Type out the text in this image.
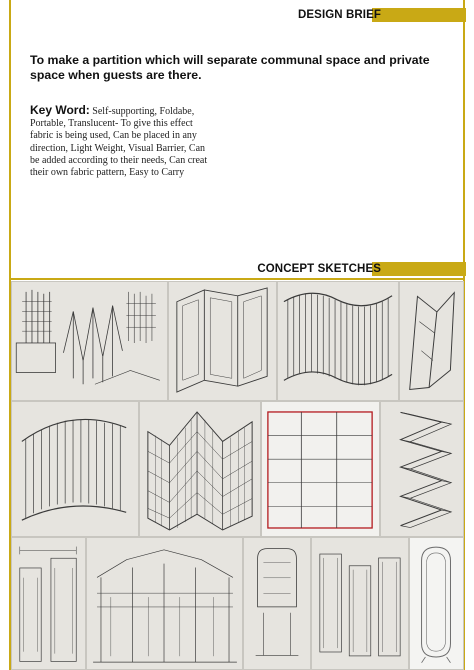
DESIGN BRIEF
To make a partition which will separate communal space and private space when guests are there.
Key Word: Self-supporting, Foldabe, Portable, Translucent- To give this effect fabric is being used, Can be placed in any direction, Light Weight, Visual Barrier, Can be added according to their needs, Can creat their own fabric pattern, Easy to Carry
CONCEPT SKETCHES
